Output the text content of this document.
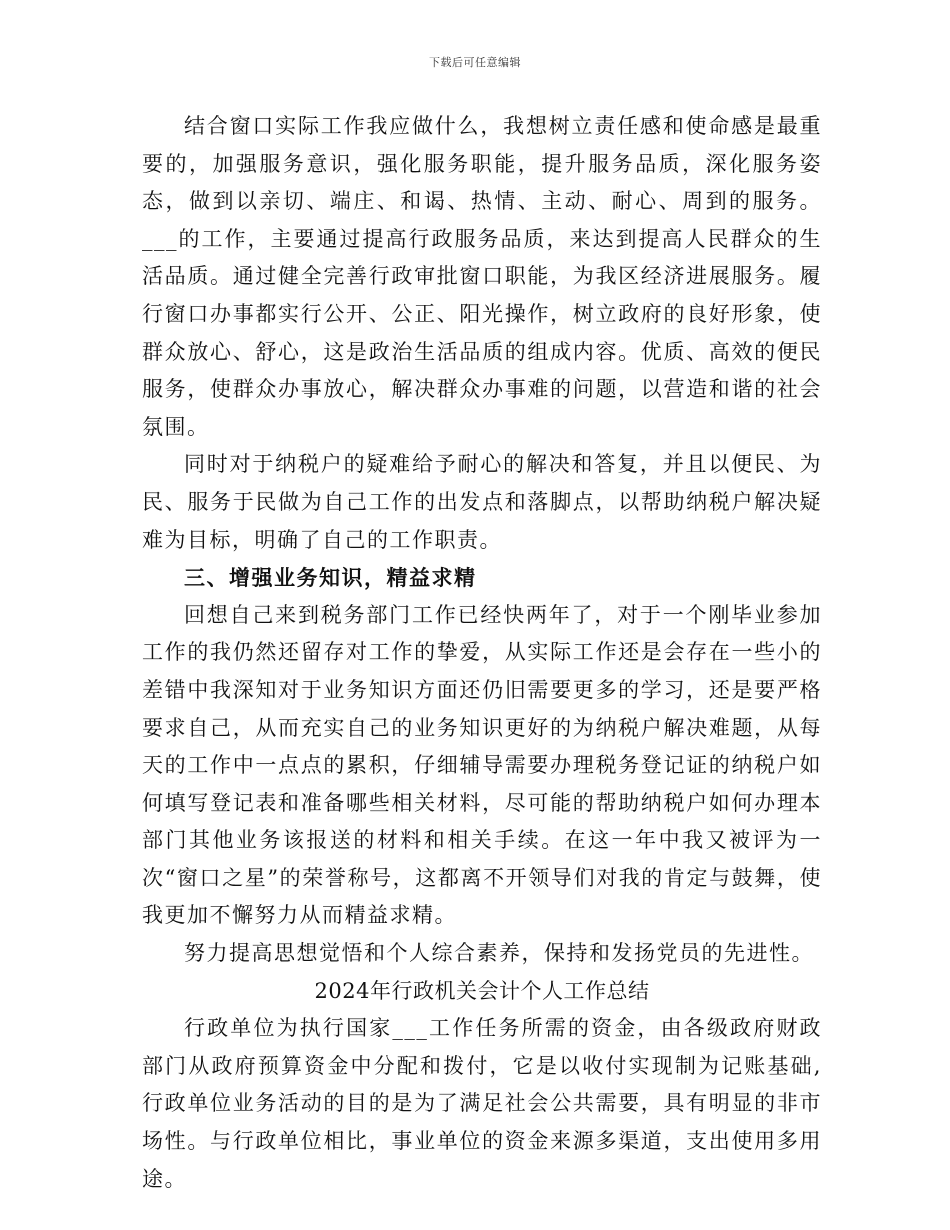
下载后可任意编辑

结合窗口实际工作我应做什么，我想树立责任感和使命感是最重要的，加强服务意识，强化服务职能，提升服务品质，深化服务姿态，做到以亲切、端庄、和谒、热情、主动、耐心、周到的服务。___的工作，主要通过提高行政服务品质，来达到提高人民群众的生活品质。通过健全完善行政审批窗口职能，为我区经济进展服务。履行窗口办事都实行公开、公正、阳光操作，树立政府的良好形象，使群众放心、舒心，这是政治生活品质的组成内容。优质、高效的便民服务，使群众办事放心，解决群众办事难的问题，以营造和谐的社会氛围。

同时对于纳税户的疑难给予耐心的解决和答复，并且以便民、为民、服务于民做为自己工作的出发点和落脚点，以帮助纳税户解决疑难为目标，明确了自己的工作职责。

三、增强业务知识，精益求精

回想自己来到税务部门工作已经快两年了，对于一个刚毕业参加工作的我仍然还留存对工作的挚爱，从实际工作还是会存在一些小的差错中我深知对于业务知识方面还仍旧需要更多的学习，还是要严格要求自己，从而充实自己的业务知识更好的为纳税户解决难题，从每天的工作中一点点的累积，仔细辅导需要办理税务登记证的纳税户如何填写登记表和准备哪些相关材料，尽可能的帮助纳税户如何办理本部门其他业务该报送的材料和相关手续。在这一年中我又被评为一次“窗口之星”的荣誉称号，这都离不开领导们对我的肯定与鼓舞，使我更加不懈努力从而精益求精。

努力提高思想觉悟和个人综合素养，保持和发扬党员的先进性。

2024年行政机关会计个人工作总结

行政单位为执行国家___工作任务所需的资金，由各级政府财政部门从政府预算资金中分配和拨付，它是以收付实现制为记账基础,行政单位业务活动的目的是为了满足社会公共需要，具有明显的非市场性。与行政单位相比，事业单位的资金来源多渠道，支出使用多用途。
